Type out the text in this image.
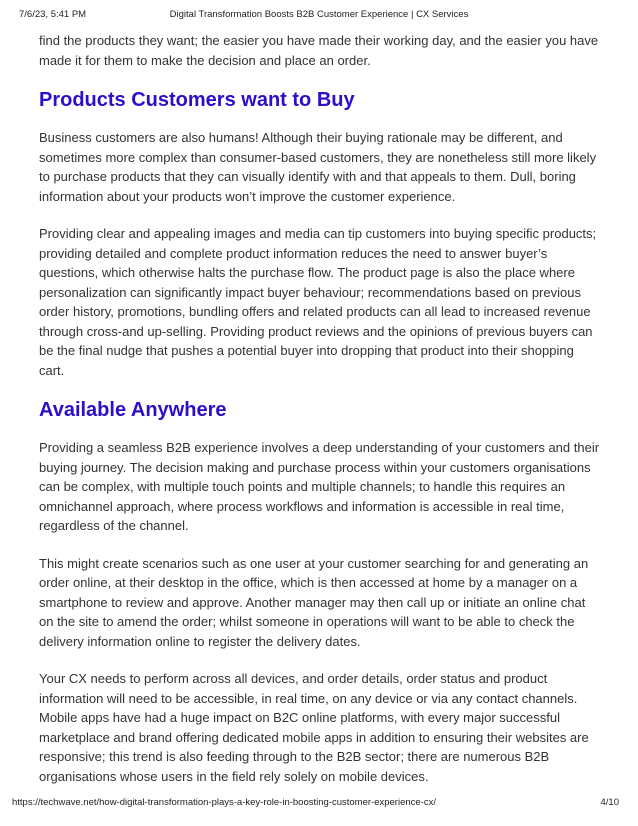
7/6/23, 5:41 PM	Digital Transformation Boosts B2B Customer Experience | CX Services

find the products they want; the easier you have made their working day, and the easier you have made it for them to make the decision and place an order.

Products Customers want to Buy

Business customers are also humans! Although their buying rationale may be different, and sometimes more complex than consumer-based customers, they are nonetheless still more likely to purchase products that they can visually identify with and that appeals to them. Dull, boring information about your products won’t improve the customer experience.

Providing clear and appealing images and media can tip customers into buying specific products; providing detailed and complete product information reduces the need to answer buyer’s questions, which otherwise halts the purchase flow. The product page is also the place where personalization can significantly impact buyer behaviour; recommendations based on previous order history, promotions, bundling offers and related products can all lead to increased revenue through cross-and up-selling. Providing product reviews and the opinions of previous buyers can be the final nudge that pushes a potential buyer into dropping that product into their shopping cart.

Available Anywhere

Providing a seamless B2B experience involves a deep understanding of your customers and their buying journey. The decision making and purchase process within your customers organisations can be complex, with multiple touch points and multiple channels; to handle this requires an omnichannel approach, where process workflows and information is accessible in real time, regardless of the channel.

This might create scenarios such as one user at your customer searching for and generating an order online, at their desktop in the office, which is then accessed at home by a manager on a smartphone to review and approve. Another manager may then call up or initiate an online chat on the site to amend the order; whilst someone in operations will want to be able to check the delivery information online to register the delivery dates.

Your CX needs to perform across all devices, and order details, order status and product information will need to be accessible, in real time, on any device or via any contact channels. Mobile apps have had a huge impact on B2C online platforms, with every major successful marketplace and brand offering dedicated mobile apps in addition to ensuring their websites are responsive; this trend is also feeding through to the B2B sector; there are numerous B2B organisations whose users in the field rely solely on mobile devices.

https://techwave.net/how-digital-transformation-plays-a-key-role-in-boosting-customer-experience-cx/	4/10
